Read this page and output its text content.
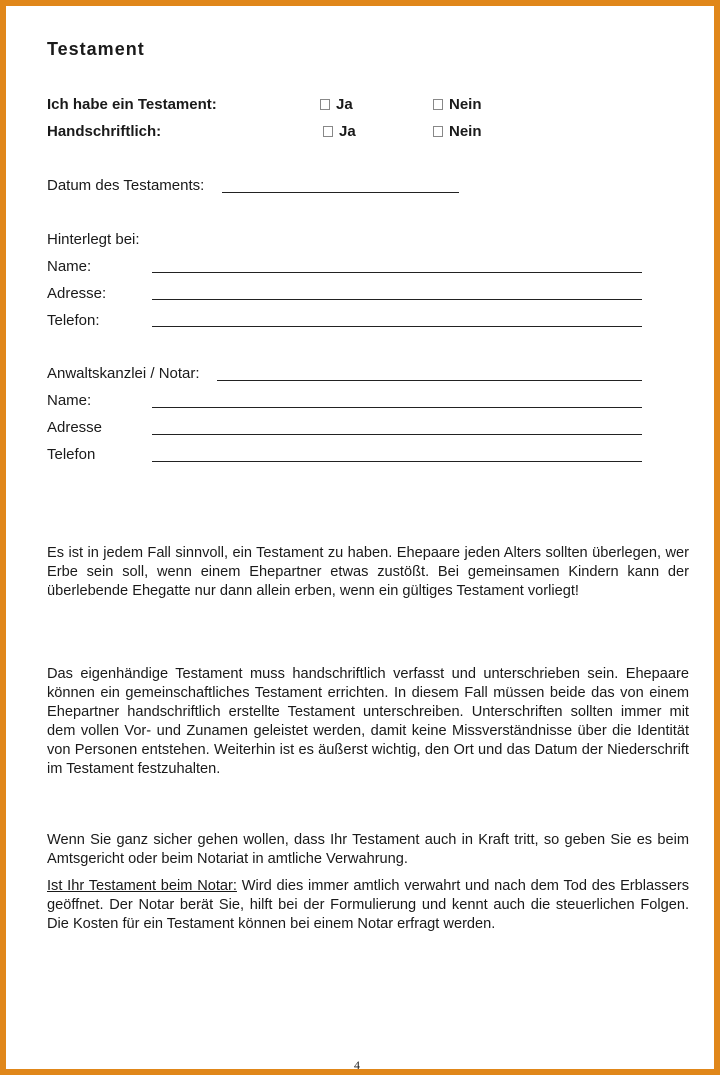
Testament
Ich habe ein Testament:	Ja	Nein
Handschriftlich:	Ja	Nein
Datum des Testaments:
Hinterlegt bei:
Name:
Adresse:
Telefon:
Anwaltskanzlei / Notar:
Name:
Adresse
Telefon
Es ist in jedem Fall sinnvoll, ein Testament zu haben. Ehepaare jeden Alters sollten überlegen, wer Erbe sein soll, wenn einem Ehepartner etwas zustößt. Bei gemeinsamen Kindern kann der überlebende Ehegatte nur dann allein erben, wenn ein gültiges Testament vorliegt!
Das eigenhändige Testament muss handschriftlich verfasst und unterschrieben sein. Ehepaare können ein gemeinschaftliches Testament errichten. In diesem Fall müssen beide das von einem Ehepartner handschriftlich erstellte Testament unterschreiben. Unterschriften sollten immer mit dem vollen Vor- und Zunamen geleistet werden, damit keine Missverständnisse über die Identität von Personen entstehen. Weiterhin ist es äußerst wichtig, den Ort und das Datum der Niederschrift im Testament festzuhalten.
Wenn Sie ganz sicher gehen wollen, dass Ihr Testament auch in Kraft tritt, so geben Sie es beim Amtsgericht oder beim Notariat in amtliche Verwahrung.
Ist Ihr Testament beim Notar: Wird dies immer amtlich verwahrt und nach dem Tod des Erblassers geöffnet. Der Notar berät Sie, hilft bei der Formulierung und kennt auch die steuerlichen Folgen. Die Kosten für ein Testament können bei einem Notar erfragt werden.
4
